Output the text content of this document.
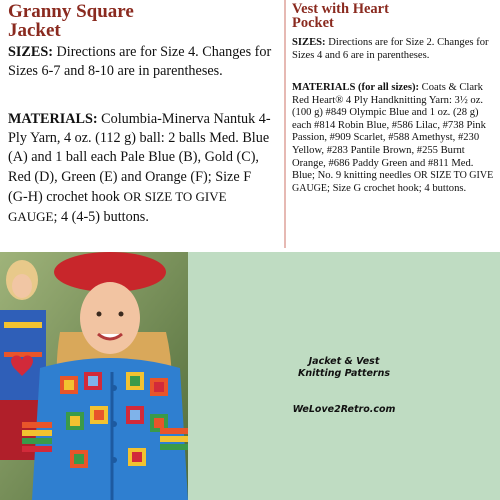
Granny Square
Jacket
SIZES: Directions are for Size 4. Changes for Sizes 6-7 and 8-10 are in parentheses.
MATERIALS: Columbia-Minerva Nantuk 4-Ply Yarn, 4 oz. (112 g) ball: 2 balls Med. Blue (A) and 1 ball each Pale Blue (B), Gold (C), Red (D), Green (E) and Orange (F); Size F (G-H) crochet hook OR SIZE TO GIVE GAUGE; 4 (4-5) buttons.
Vest with Heart
Pocket
SIZES: Directions are for Size 2. Changes for Sizes 4 and 6 are in parentheses.
MATERIALS (for all sizes): Coats & Clark Red Heart® 4 Ply Handknitting Yarn: 3½ oz. (100 g) #849 Olympic Blue and 1 oz. (28 g) each #814 Robin Blue, #586 Lilac, #738 Pink Passion, #909 Scarlet, #588 Amethyst, #230 Yellow, #283 Pantile Brown, #255 Burnt Orange, #686 Paddy Green and #811 Med. Blue; No. 9 knitting needles OR SIZE TO GIVE GAUGE; Size G crochet hook; 4 buttons.
Jacket & Vest
Knitting Patterns
WeLove2Retro.com
